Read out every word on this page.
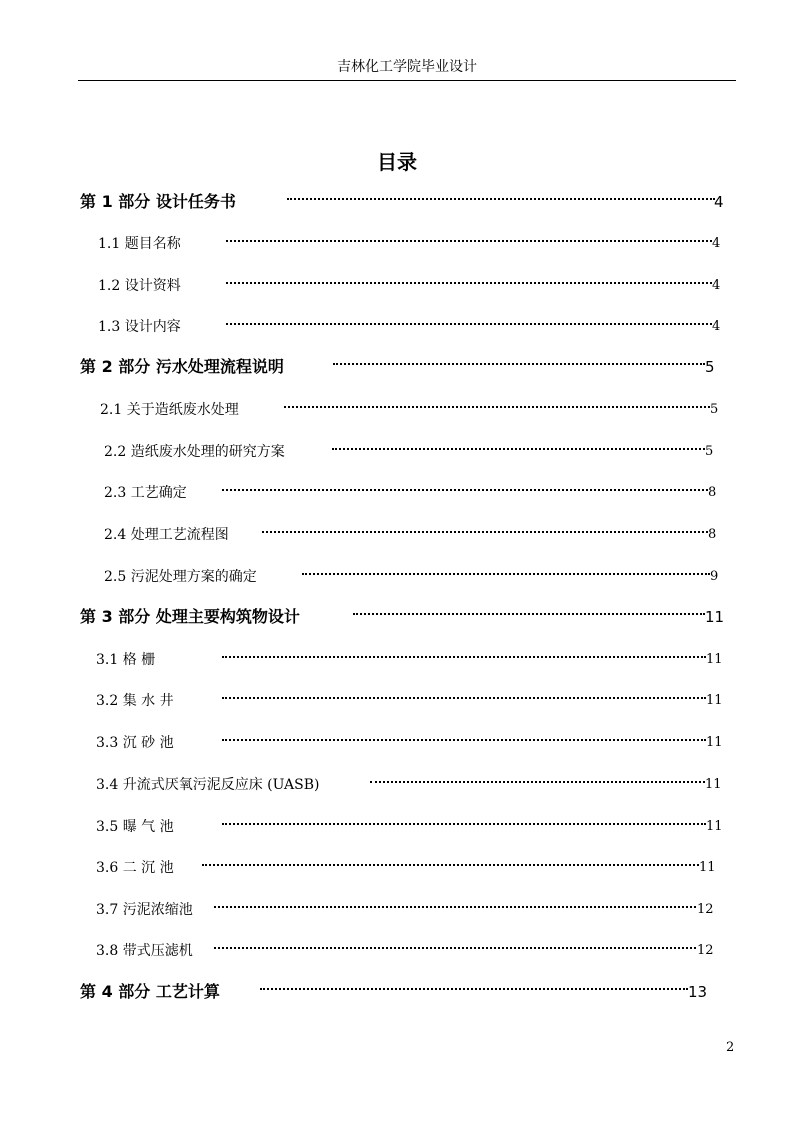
吉林化工学院毕业设计
目录
第 1 部分 设计任务书	4
1.1 题目名称	4
1.2 设计资料	4
1.3 设计内容	4
第 2 部分 污水处理流程说明	5
2.1 关于造纸废水处理	5
2.2 造纸废水处理的研究方案	5
2.3 工艺确定	8
2.4 处理工艺流程图	8
2.5 污泥处理方案的确定	9
第 3 部分 处理主要构筑物设计	11
3.1 格 栅	11
3.2 集 水 井	11
3.3 沉 砂 池	11
3.4 升流式厌氧污泥反应床 (UASB)	11
3.5 曝 气 池	11
3.6 二 沉 池	11
3.7 污泥浓缩池	12
3.8 带式压滤机	12
第 4 部分 工艺计算	13
2
